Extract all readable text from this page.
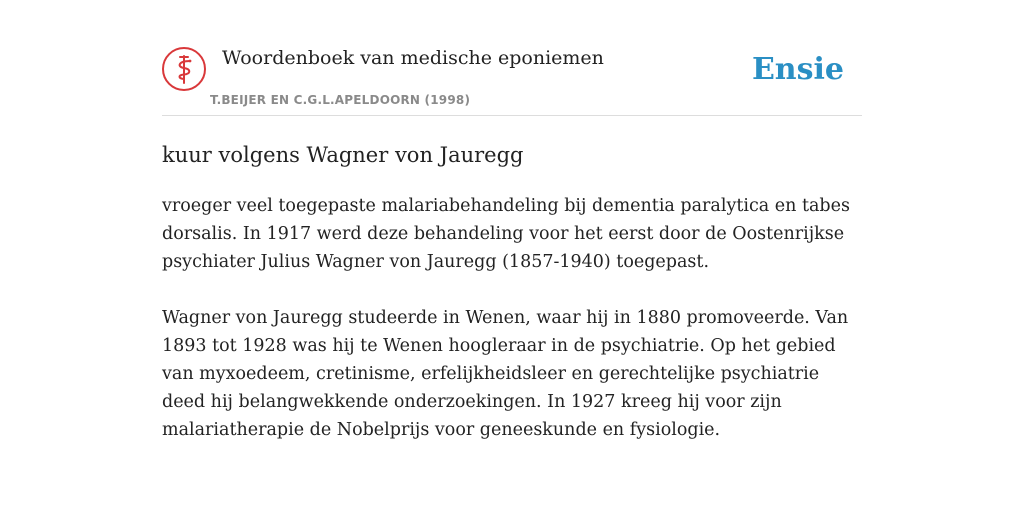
Woordenboek van medische eponiemen
T.BEIJER EN C.G.L.APELDOORN (1998)
Ensie
kuur volgens Wagner von Jauregg

vroeger veel toegepaste malariabehandeling bij dementia paralytica en tabes dorsalis. In 1917 werd deze behandeling voor het eerst door de Oostenrijkse psychiater Julius Wagner von Jauregg (1857-1940) toegepast.

Wagner von Jauregg studeerde in Wenen, waar hij in 1880 promoveerde. Van 1893 tot 1928 was hij te Wenen hoogleraar in de psychiatrie. Op het gebied van myxoedeem, cretinisme, erfelijkheidsleer en gerechtelijke psychiatrie deed hij belangwekkende onderzoekingen. In 1927 kreeg hij voor zijn malariatherapie de Nobelprijs voor geneeskunde en fysiologie.
